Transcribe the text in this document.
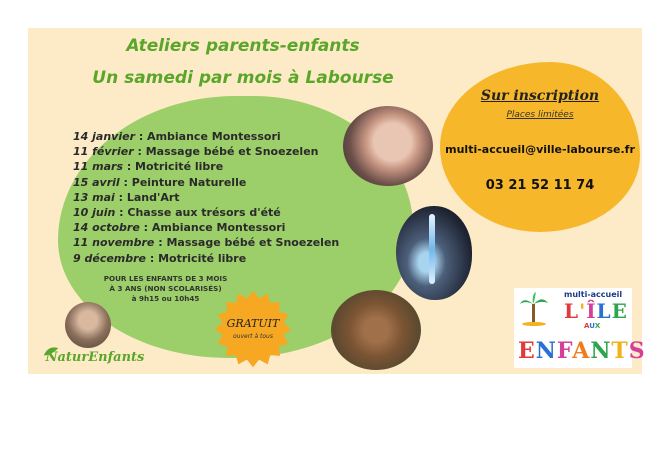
Ateliers parents-enfants
Un samedi par mois à Labourse
14 janvier : Ambiance Montessori
11 février : Massage bébé et Snoezelen
11 mars : Motricité libre
15 avril : Peinture Naturelle
13 mai : Land'Art
10 juin : Chasse aux trésors d'été
14 octobre : Ambiance Montessori
11 novembre : Massage bébé et Snoezelen
9 décembre : Motricité libre
POUR LES ENFANTS DE 3 MOIS
À 3 ANS (NON SCOLARISÉS)
à 9h15 ou 10h45
Sur inscription
Places limitées
multi-accueil@ville-labourse.fr
03 21 52 11 74
GRATUIT
ouvert à tous
NaturEnfants
multi-accueil
L'ÎLE
AUX
ENFANTS
